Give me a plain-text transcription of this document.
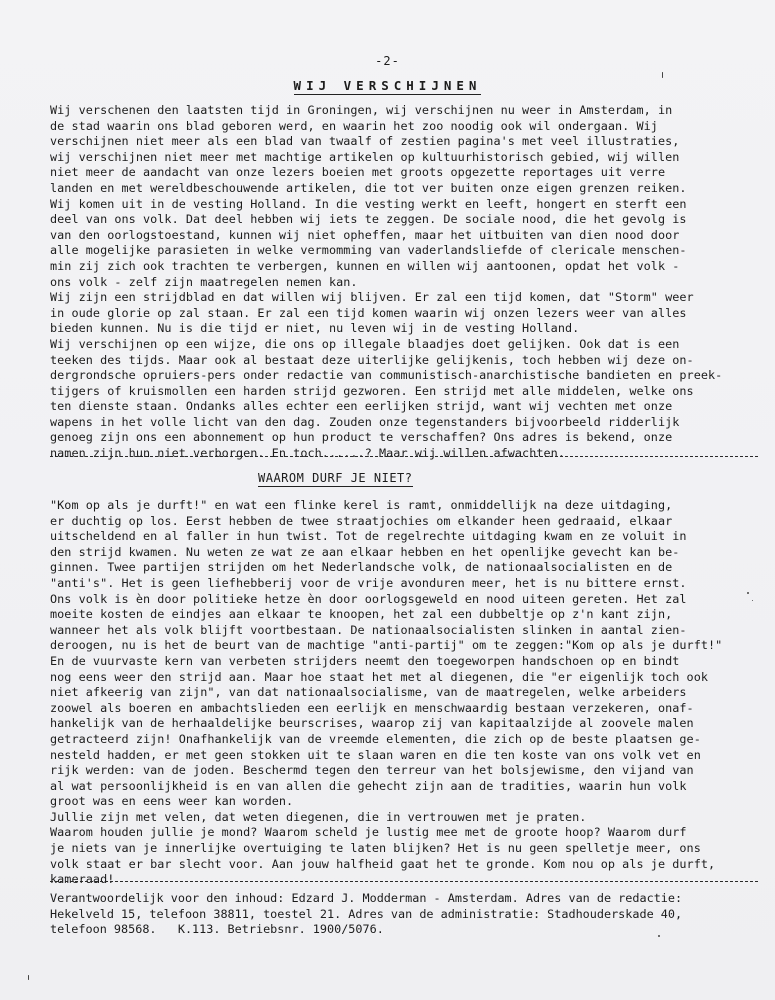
-2-
WIJ VERSCHIJNEN

Wij verschenen den laatsten tijd in Groningen, wij verschijnen nu weer in Amsterdam, in

de stad waarin ons blad geboren werd, en waarin het zoo noodig ook wil ondergaan. Wij

verschijnen niet meer als een blad van twaalf of zestien pagina's met veel illustraties,

wij verschijnen niet meer met machtige artikelen op kultuurhistorisch gebied, wij willen

niet meer de aandacht van onze lezers boeien met groots opgezette reportages uit verre

landen en met wereldbeschouwende artikelen, die tot ver buiten onze eigen grenzen reiken.

Wij komen uit in de vesting Holland. In die vesting werkt en leeft, hongert en sterft een

deel van ons volk. Dat deel hebben wij iets te zeggen. De sociale nood, die het gevolg is

van den oorlogstoestand, kunnen wij niet opheffen, maar het uitbuiten van dien nood door

alle mogelijke parasieten in welke vermomming van vaderlandsliefde of clericale menschen-

min zij zich ook trachten te verbergen, kunnen en willen wij aantoonen, opdat het volk -

ons volk - zelf zijn maatregelen nemen kan.

Wij zijn een strijdblad en dat willen wij blijven. Er zal een tijd komen, dat "Storm" weer

in oude glorie op zal staan. Er zal een tijd komen waarin wij onzen lezers weer van alles

bieden kunnen. Nu is die tijd er niet, nu leven wij in de vesting Holland.

Wij verschijnen op een wijze, die ons op illegale blaadjes doet gelijken. Ook dat is een

teeken des tijds. Maar ook al bestaat deze uiterlijke gelijkenis, toch hebben wij deze on-

dergrondsche opruiers-pers onder redactie van communistisch-anarchistische bandieten en preek-

tijgers of kruismollen een harden strijd gezworen. Een strijd met alle middelen, welke ons

ten dienste staan. Ondanks alles echter een eerlijken strijd, want wij vechten met onze

wapens in het volle licht van den dag. Zouden onze tegenstanders bijvoorbeeld ridderlijk

genoeg zijn ons een abonnement op hun product te verschaffen? Ons adres is bekend, onze

namen zijn hun niet verborgen. En toch......? Maar wij willen afwachten.

WAAROM DURF JE NIET?

"Kom op als je durft!" en wat een flinke kerel is ramt, onmiddellijk na deze uitdaging,

er duchtig op los. Eerst hebben de twee straatjochies om elkander heen gedraaid, elkaar

uitscheldend en al faller in hun twist. Tot de regelrechte uitdaging kwam en ze voluit in

den strijd kwamen. Nu weten ze wat ze aan elkaar hebben en het openlijke gevecht kan be-

ginnen. Twee partijen strijden om het Nederlandsche volk, de nationaalsocialisten en de

"anti's". Het is geen liefhebberij voor de vrije avonduren meer, het is nu bittere ernst.

Ons volk is èn door politieke hetze èn door oorlogsgeweld en nood uiteen gereten. Het zal

moeite kosten de eindjes aan elkaar te knoopen, het zal een dubbeltje op z'n kant zijn,

wanneer het als volk blijft voortbestaan. De nationaalsocialisten slinken in aantal zien-

deroogen, nu is het de beurt van de machtige "anti-partij" om te zeggen:"Kom op als je durft!"

En de vuurvaste kern van verbeten strijders neemt den toegeworpen handschoen op en bindt

nog eens weer den strijd aan. Maar hoe staat het met al diegenen, die "er eigenlijk toch ook

niet afkeerig van zijn", van dat nationaalsocialisme, van de maatregelen, welke arbeiders

zoowel als boeren en ambachtslieden een eerlijk en menschwaardig bestaan verzekeren, onaf-

hankelijk van de herhaaldelijke beurscrises, waarop zij van kapitaalzijde al zoovele malen

getracteerd zijn! Onafhankelijk van de vreemde elementen, die zich op de beste plaatsen ge-

nesteld hadden, er met geen stokken uit te slaan waren en die ten koste van ons volk vet en

rijk werden: van de joden. Beschermd tegen den terreur van het bolsjewisme, den vijand van

al wat persoonlijkheid is en van allen die gehecht zijn aan de tradities, waarin hun volk

groot was en eens weer kan worden.

Jullie zijn met velen, dat weten diegenen, die in vertrouwen met je praten.

Waarom houden jullie je mond? Waarom scheld je lustig mee met de groote hoop? Waarom durf

je niets van je innerlijke overtuiging te laten blijken? Het is nu geen spelletje meer, ons

volk staat er bar slecht voor. Aan jouw halfheid gaat het te gronde. Kom nou op als je durft,

kameraad!

Verantwoordelijk voor den inhoud: Edzard J. Modderman - Amsterdam. Adres van de redactie:

Hekelveld 15, telefoon 38811, toestel 21. Adres van de administratie: Stadhouderskade 40,

telefoon 98568.   K.113. Betriebsnr. 1900/5076.
